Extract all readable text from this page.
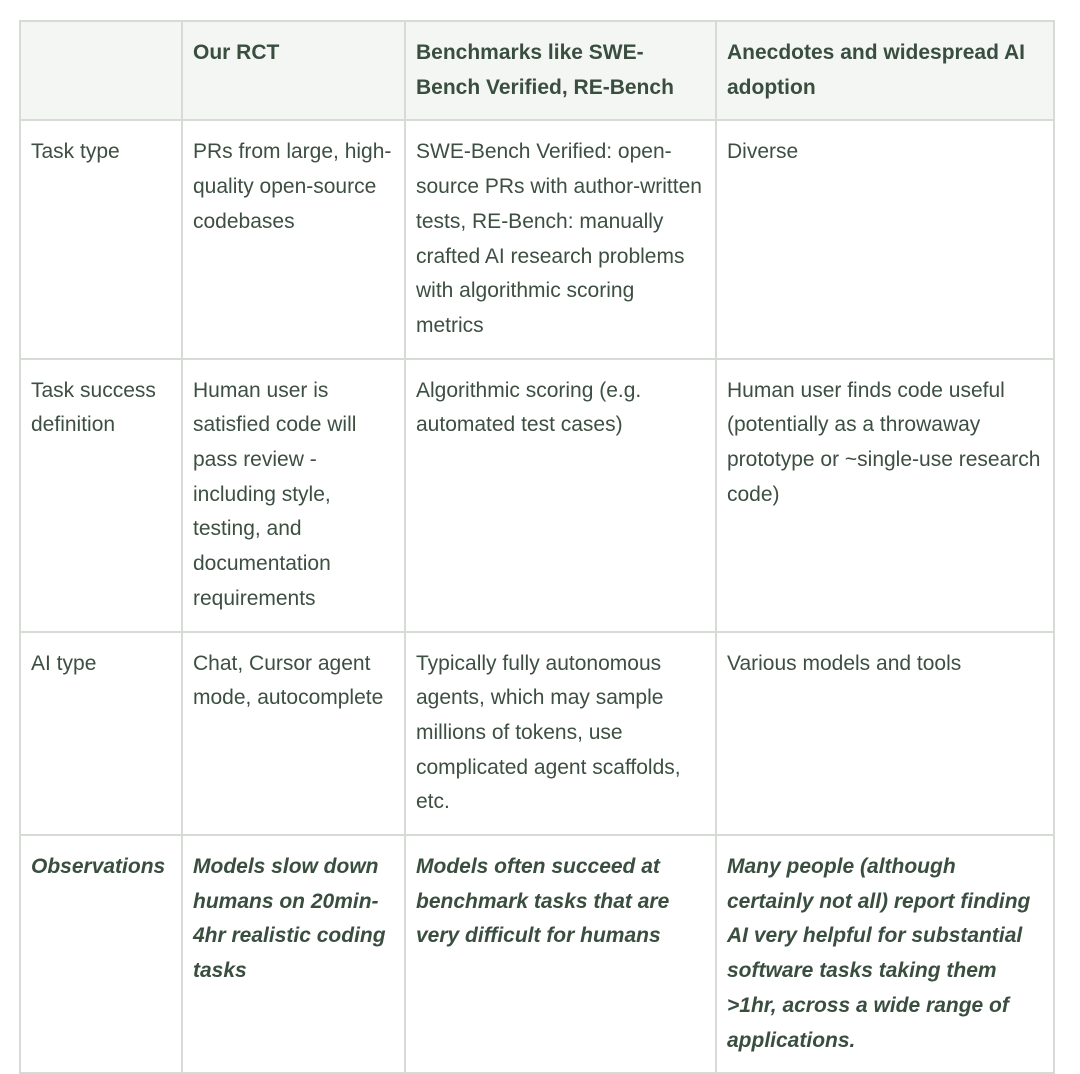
	Our RCT	Benchmarks like SWE-Bench Verified, RE-Bench	Anecdotes and widespread AI adoption
Task type	PRs from large, high-quality open-source codebases	SWE-Bench Verified: open-source PRs with author-written tests, RE-Bench: manually crafted AI research problems with algorithmic scoring metrics	Diverse
Task success definition	Human user is satisfied code will pass review - including style, testing, and documentation requirements	Algorithmic scoring (e.g. automated test cases)	Human user finds code useful (potentially as a throwaway prototype or ~single-use research code)
AI type	Chat, Cursor agent mode, autocomplete	Typically fully autonomous agents, which may sample millions of tokens, use complicated agent scaffolds, etc.	Various models and tools
Observations	Models slow down humans on 20min-4hr realistic coding tasks	Models often succeed at benchmark tasks that are very difficult for humans	Many people (although certainly not all) report finding AI very helpful for substantial software tasks taking them >1hr, across a wide range of applications.
